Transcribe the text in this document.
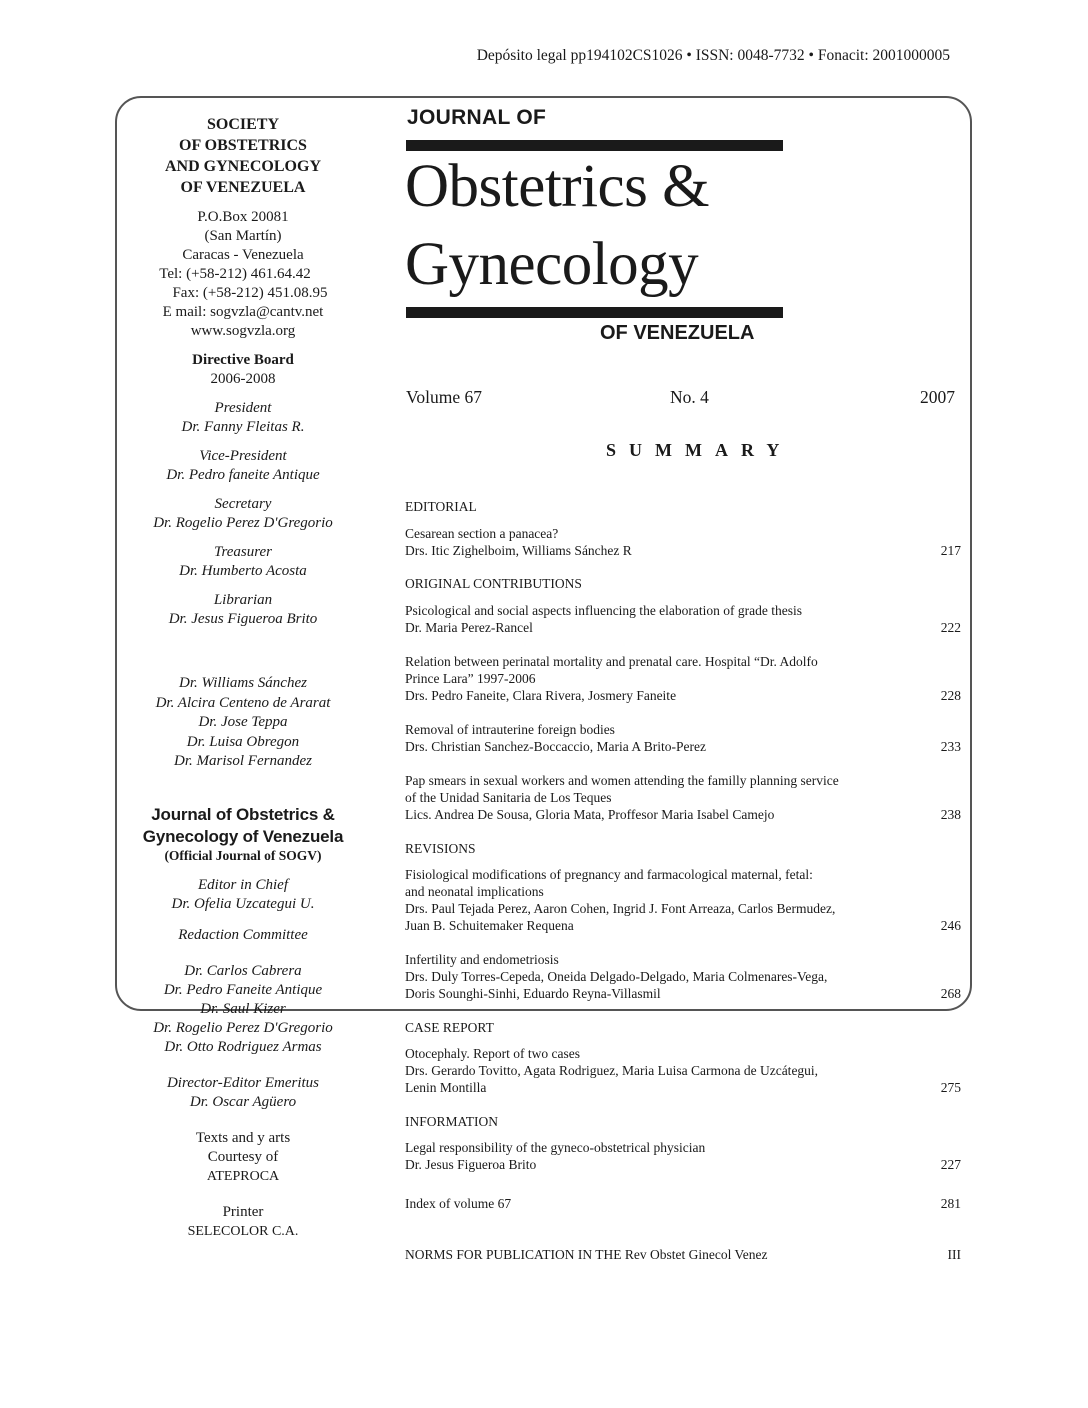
Depósito legal pp194102CS1026 • ISSN: 0048-7732 • Fonacit: 2001000005
SOCIETY
OF OBSTETRICS
AND GYNECOLOGY
OF VENEZUELA
P.O.Box 20081
(San Martín)
Caracas - Venezuela
Tel: (+58-212) 461.64.42
Fax: (+58-212) 451.08.95
E mail: sogvzla@cantv.net
www.sogvzla.org
Directive Board
2006-2008
President
Dr. Fanny Fleitas R.
Vice-President
Dr. Pedro faneite Antique
Secretary
Dr. Rogelio Perez D'Gregorio
Treasurer
Dr. Humberto Acosta
Librarian
Dr. Jesus Figueroa Brito
Dr. Williams Sánchez
Dr. Alcira Centeno de Ararat
Dr. Jose Teppa
Dr. Luisa Obregon
Dr. Marisol Fernandez
Journal of Obstetrics &
Gynecology of Venezuela
(Official Journal of SOGV)
Editor in Chief
Dr. Ofelia Uzcategui U.
Redaction Committee
Dr. Carlos Cabrera
Dr. Pedro Faneite Antique
Dr. Saul Kizer
Dr. Rogelio Perez D'Gregorio
Dr. Otto Rodriguez Armas
Director-Editor Emeritus
Dr. Oscar Agüero
Texts and y arts
Courtesy of
ATEPROCA
Printer
SELECOLOR C.A.
JOURNAL OF
Obstetrics &
Gynecology
OF VENEZUELA
Volume 67	No. 4	2007
SUMMARY
EDITORIAL
Cesarean section a panacea?
Drs. Itic Zighelboim, Williams Sánchez R	217
ORIGINAL CONTRIBUTIONS
Psicological and social aspects influencing the elaboration of grade thesis
Dr. Maria Perez-Rancel	222
Relation between perinatal mortality and prenatal care. Hospital “Dr. Adolfo
Prince Lara” 1997-2006
Drs. Pedro Faneite, Clara Rivera, Josmery Faneite	228
Removal of intrauterine foreign bodies
Drs. Christian Sanchez-Boccaccio, Maria A Brito-Perez	233
Pap smears in sexual workers and women attending the familly planning service
of the Unidad Sanitaria de Los Teques
Lics. Andrea De Sousa, Gloria Mata, Proffesor Maria Isabel Camejo	238
REVISIONS
Fisiological modifications of pregnancy and farmacological maternal, fetal:
and neonatal implications
Drs. Paul Tejada Perez, Aaron Cohen, Ingrid J. Font Arreaza, Carlos Bermudez,
Juan B. Schuitemaker Requena	246
Infertility and endometriosis
Drs. Duly Torres-Cepeda, Oneida Delgado-Delgado, Maria Colmenares-Vega,
Doris Sounghi-Sinhi, Eduardo Reyna-Villasmil	268
CASE REPORT
Otocephaly. Report of two cases
Drs. Gerardo Tovitto, Agata Rodriguez, Maria Luisa Carmona de Uzcátegui,
Lenin Montilla	275
INFORMATION
Legal responsibility of the gyneco-obstetrical physician
Dr. Jesus Figueroa Brito	227
Index of volume 67	281
NORMS FOR PUBLICATION IN THE Rev Obstet Ginecol Venez	III
